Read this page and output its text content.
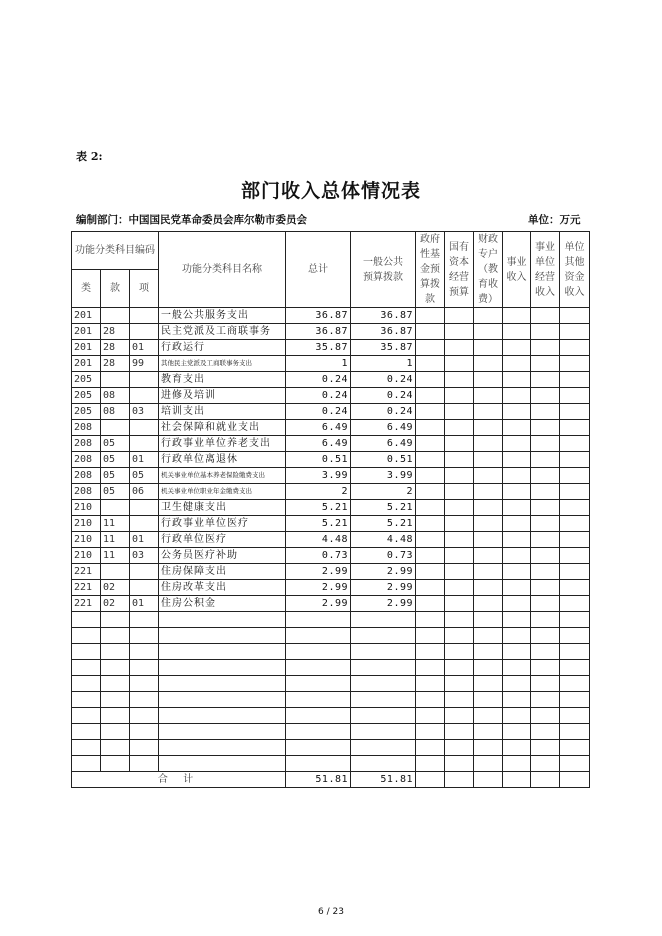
表 2:
部门收入总体情况表
编制部门：中国国民党革命委员会库尔勒市委员会	单位：万元
功能分类科目编码			功能分类科目名称	总计	一般公共预算拨款	政府性基金预算拨款	国有资本经营预算	财政专户（教育收费）	事业收入	事业单位经营收入	单位其他资金收入
类	款	项									
201			一般公共服务支出	36.87	36.87						
201	28		民主党派及工商联事务	36.87	36.87						
201	28	01	行政运行	35.87	35.87						
201	28	99	其他民主党派及工商联事务支出	1	1						
205			教育支出	0.24	0.24						
205	08		进修及培训	0.24	0.24						
205	08	03	培训支出	0.24	0.24						
208			社会保障和就业支出	6.49	6.49						
208	05		行政事业单位养老支出	6.49	6.49						
208	05	01	行政单位离退休	0.51	0.51						
208	05	05	机关事业单位基本养老保险缴费支出	3.99	3.99						
208	05	06	机关事业单位职业年金缴费支出	2	2						
210			卫生健康支出	5.21	5.21						
210	11		行政事业单位医疗	5.21	5.21						
210	11	01	行政单位医疗	4.48	4.48						
210	11	03	公务员医疗补助	0.73	0.73						
221			住房保障支出	2.99	2.99						
221	02		住房改革支出	2.99	2.99						
221	02	01	住房公积金	2.99	2.99						

合 计				51.81	51.81						
6 / 23
